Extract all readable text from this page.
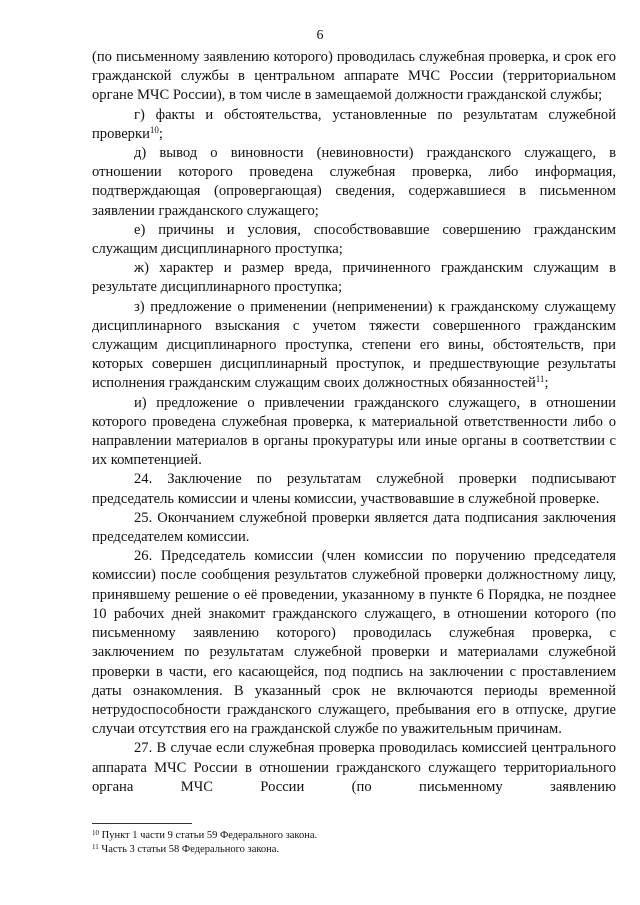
6

(по письменному заявлению которого) проводилась служебная проверка, и срок его гражданской службы в центральном аппарате МЧС России (территориальном органе МЧС России), в том числе в замещаемой должности гражданской службы;

г) факты и обстоятельства, установленные по результатам служебной проверки$^{10}$;

д) вывод о виновности (невиновности) гражданского служащего, в отношении которого проведена служебная проверка, либо информация, подтверждающая (опровергающая) сведения, содержавшиеся в письменном заявлении гражданского служащего;

е) причины и условия, способствовавшие совершению гражданским служащим дисциплинарного проступка;

ж) характер и размер вреда, причиненного гражданским служащим в результате дисциплинарного проступка;

з) предложение о применении (неприменении) к гражданскому служащему дисциплинарного взыскания с учетом тяжести совершенного гражданским служащим дисциплинарного проступка, степени его вины, обстоятельств, при которых совершен дисциплинарный проступок, и предшествующие результаты исполнения гражданским служащим своих должностных обязанностей$^{11}$;

и) предложение о привлечении гражданского служащего, в отношении которого проведена служебная проверка, к материальной ответственности либо о направлении материалов в органы прокуратуры или иные органы в соответствии с их компетенцией.

24. Заключение по результатам служебной проверки подписывают председатель комиссии и члены комиссии, участвовавшие в служебной проверке.

25. Окончанием служебной проверки является дата подписания заключения председателем комиссии.

26. Председатель комиссии (член комиссии по поручению председателя комиссии) после сообщения результатов служебной проверки должностному лицу, принявшему решение о её проведении, указанному в пункте 6 Порядка, не позднее 10 рабочих дней знакомит гражданского служащего, в отношении которого (по письменному заявлению которого) проводилась служебная проверка, с заключением по результатам служебной проверки и материалами служебной проверки в части, его касающейся, под подпись на заключении с проставлением даты ознакомления. В указанный срок не включаются периоды временной нетрудоспособности гражданского служащего, пребывания его в отпуске, другие случаи отсутствия его на гражданской службе по уважительным причинам.

27. В случае если служебная проверка проводилась комиссией центрального аппарата МЧС России в отношении гражданского служащего территориального органа МЧС России (по письменному заявлению

$^{10}$ Пункт 1 части 9 статьи 59 Федерального закона.

$^{11}$ Часть 3 статьи 58 Федерального закона.
